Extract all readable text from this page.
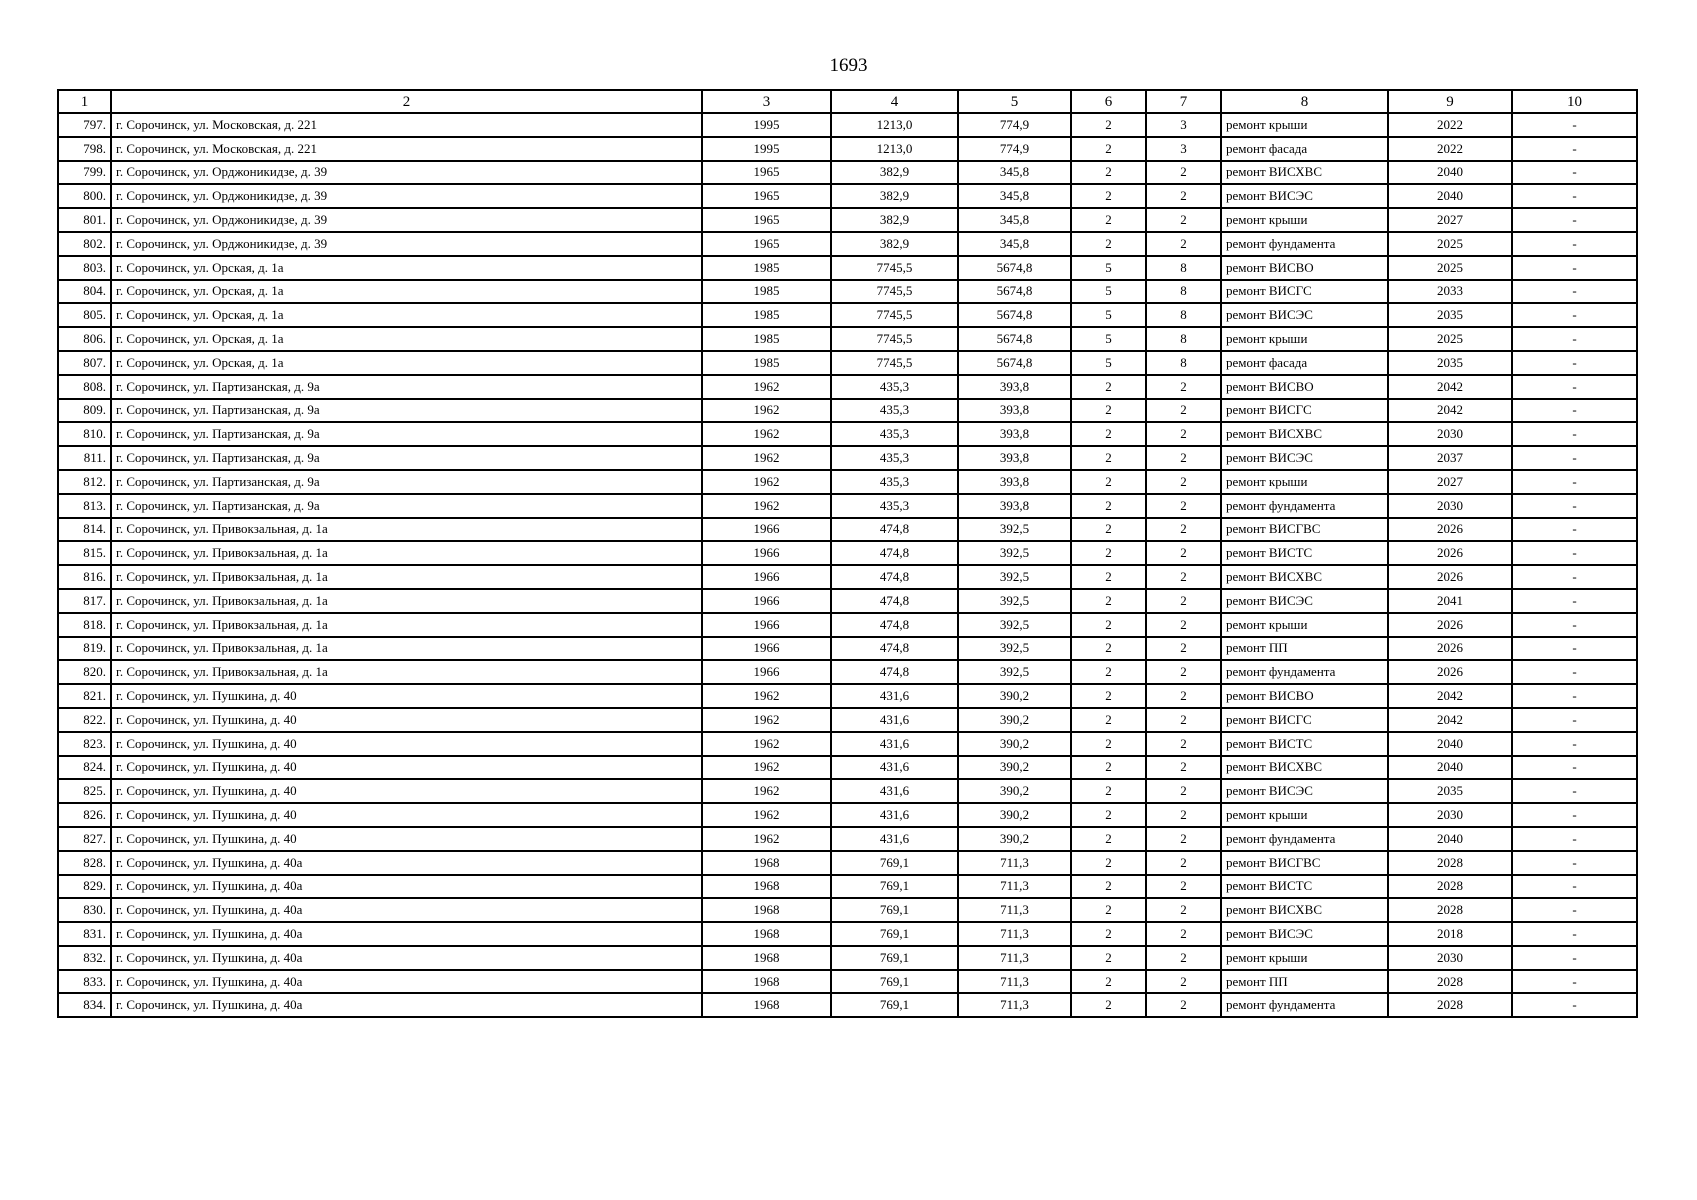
1693
1	2	3	4	5	6	7	8	9	10
797.	г. Сорочинск, ул. Московская, д. 221	1995	1213,0	774,9	2	3	ремонт крыши	2022	-
798.	г. Сорочинск, ул. Московская, д. 221	1995	1213,0	774,9	2	3	ремонт фасада	2022	-
799.	г. Сорочинск, ул. Орджоникидзе, д. 39	1965	382,9	345,8	2	2	ремонт ВИСХВС	2040	-
800.	г. Сорочинск, ул. Орджоникидзе, д. 39	1965	382,9	345,8	2	2	ремонт ВИСЭС	2040	-
801.	г. Сорочинск, ул. Орджоникидзе, д. 39	1965	382,9	345,8	2	2	ремонт крыши	2027	-
802.	г. Сорочинск, ул. Орджоникидзе, д. 39	1965	382,9	345,8	2	2	ремонт фундамента	2025	-
803.	г. Сорочинск, ул. Орская, д. 1а	1985	7745,5	5674,8	5	8	ремонт ВИСВО	2025	-
804.	г. Сорочинск, ул. Орская, д. 1а	1985	7745,5	5674,8	5	8	ремонт ВИСГС	2033	-
805.	г. Сорочинск, ул. Орская, д. 1а	1985	7745,5	5674,8	5	8	ремонт ВИСЭС	2035	-
806.	г. Сорочинск, ул. Орская, д. 1а	1985	7745,5	5674,8	5	8	ремонт крыши	2025	-
807.	г. Сорочинск, ул. Орская, д. 1а	1985	7745,5	5674,8	5	8	ремонт фасада	2035	-
808.	г. Сорочинск, ул. Партизанская, д. 9а	1962	435,3	393,8	2	2	ремонт ВИСВО	2042	-
809.	г. Сорочинск, ул. Партизанская, д. 9а	1962	435,3	393,8	2	2	ремонт ВИСГС	2042	-
810.	г. Сорочинск, ул. Партизанская, д. 9а	1962	435,3	393,8	2	2	ремонт ВИСХВС	2030	-
811.	г. Сорочинск, ул. Партизанская, д. 9а	1962	435,3	393,8	2	2	ремонт ВИСЭС	2037	-
812.	г. Сорочинск, ул. Партизанская, д. 9а	1962	435,3	393,8	2	2	ремонт крыши	2027	-
813.	г. Сорочинск, ул. Партизанская, д. 9а	1962	435,3	393,8	2	2	ремонт фундамента	2030	-
814.	г. Сорочинск, ул. Привокзальная, д. 1а	1966	474,8	392,5	2	2	ремонт ВИСГВС	2026	-
815.	г. Сорочинск, ул. Привокзальная, д. 1а	1966	474,8	392,5	2	2	ремонт ВИСТС	2026	-
816.	г. Сорочинск, ул. Привокзальная, д. 1а	1966	474,8	392,5	2	2	ремонт ВИСХВС	2026	-
817.	г. Сорочинск, ул. Привокзальная, д. 1а	1966	474,8	392,5	2	2	ремонт ВИСЭС	2041	-
818.	г. Сорочинск, ул. Привокзальная, д. 1а	1966	474,8	392,5	2	2	ремонт крыши	2026	-
819.	г. Сорочинск, ул. Привокзальная, д. 1а	1966	474,8	392,5	2	2	ремонт ПП	2026	-
820.	г. Сорочинск, ул. Привокзальная, д. 1а	1966	474,8	392,5	2	2	ремонт фундамента	2026	-
821.	г. Сорочинск, ул. Пушкина, д. 40	1962	431,6	390,2	2	2	ремонт ВИСВО	2042	-
822.	г. Сорочинск, ул. Пушкина, д. 40	1962	431,6	390,2	2	2	ремонт ВИСГС	2042	-
823.	г. Сорочинск, ул. Пушкина, д. 40	1962	431,6	390,2	2	2	ремонт ВИСТС	2040	-
824.	г. Сорочинск, ул. Пушкина, д. 40	1962	431,6	390,2	2	2	ремонт ВИСХВС	2040	-
825.	г. Сорочинск, ул. Пушкина, д. 40	1962	431,6	390,2	2	2	ремонт ВИСЭС	2035	-
826.	г. Сорочинск, ул. Пушкина, д. 40	1962	431,6	390,2	2	2	ремонт крыши	2030	-
827.	г. Сорочинск, ул. Пушкина, д. 40	1962	431,6	390,2	2	2	ремонт фундамента	2040	-
828.	г. Сорочинск, ул. Пушкина, д. 40а	1968	769,1	711,3	2	2	ремонт ВИСГВС	2028	-
829.	г. Сорочинск, ул. Пушкина, д. 40а	1968	769,1	711,3	2	2	ремонт ВИСТС	2028	-
830.	г. Сорочинск, ул. Пушкина, д. 40а	1968	769,1	711,3	2	2	ремонт ВИСХВС	2028	-
831.	г. Сорочинск, ул. Пушкина, д. 40а	1968	769,1	711,3	2	2	ремонт ВИСЭС	2018	-
832.	г. Сорочинск, ул. Пушкина, д. 40а	1968	769,1	711,3	2	2	ремонт крыши	2030	-
833.	г. Сорочинск, ул. Пушкина, д. 40а	1968	769,1	711,3	2	2	ремонт ПП	2028	-
834.	г. Сорочинск, ул. Пушкина, д. 40а	1968	769,1	711,3	2	2	ремонт фундамента	2028	-
